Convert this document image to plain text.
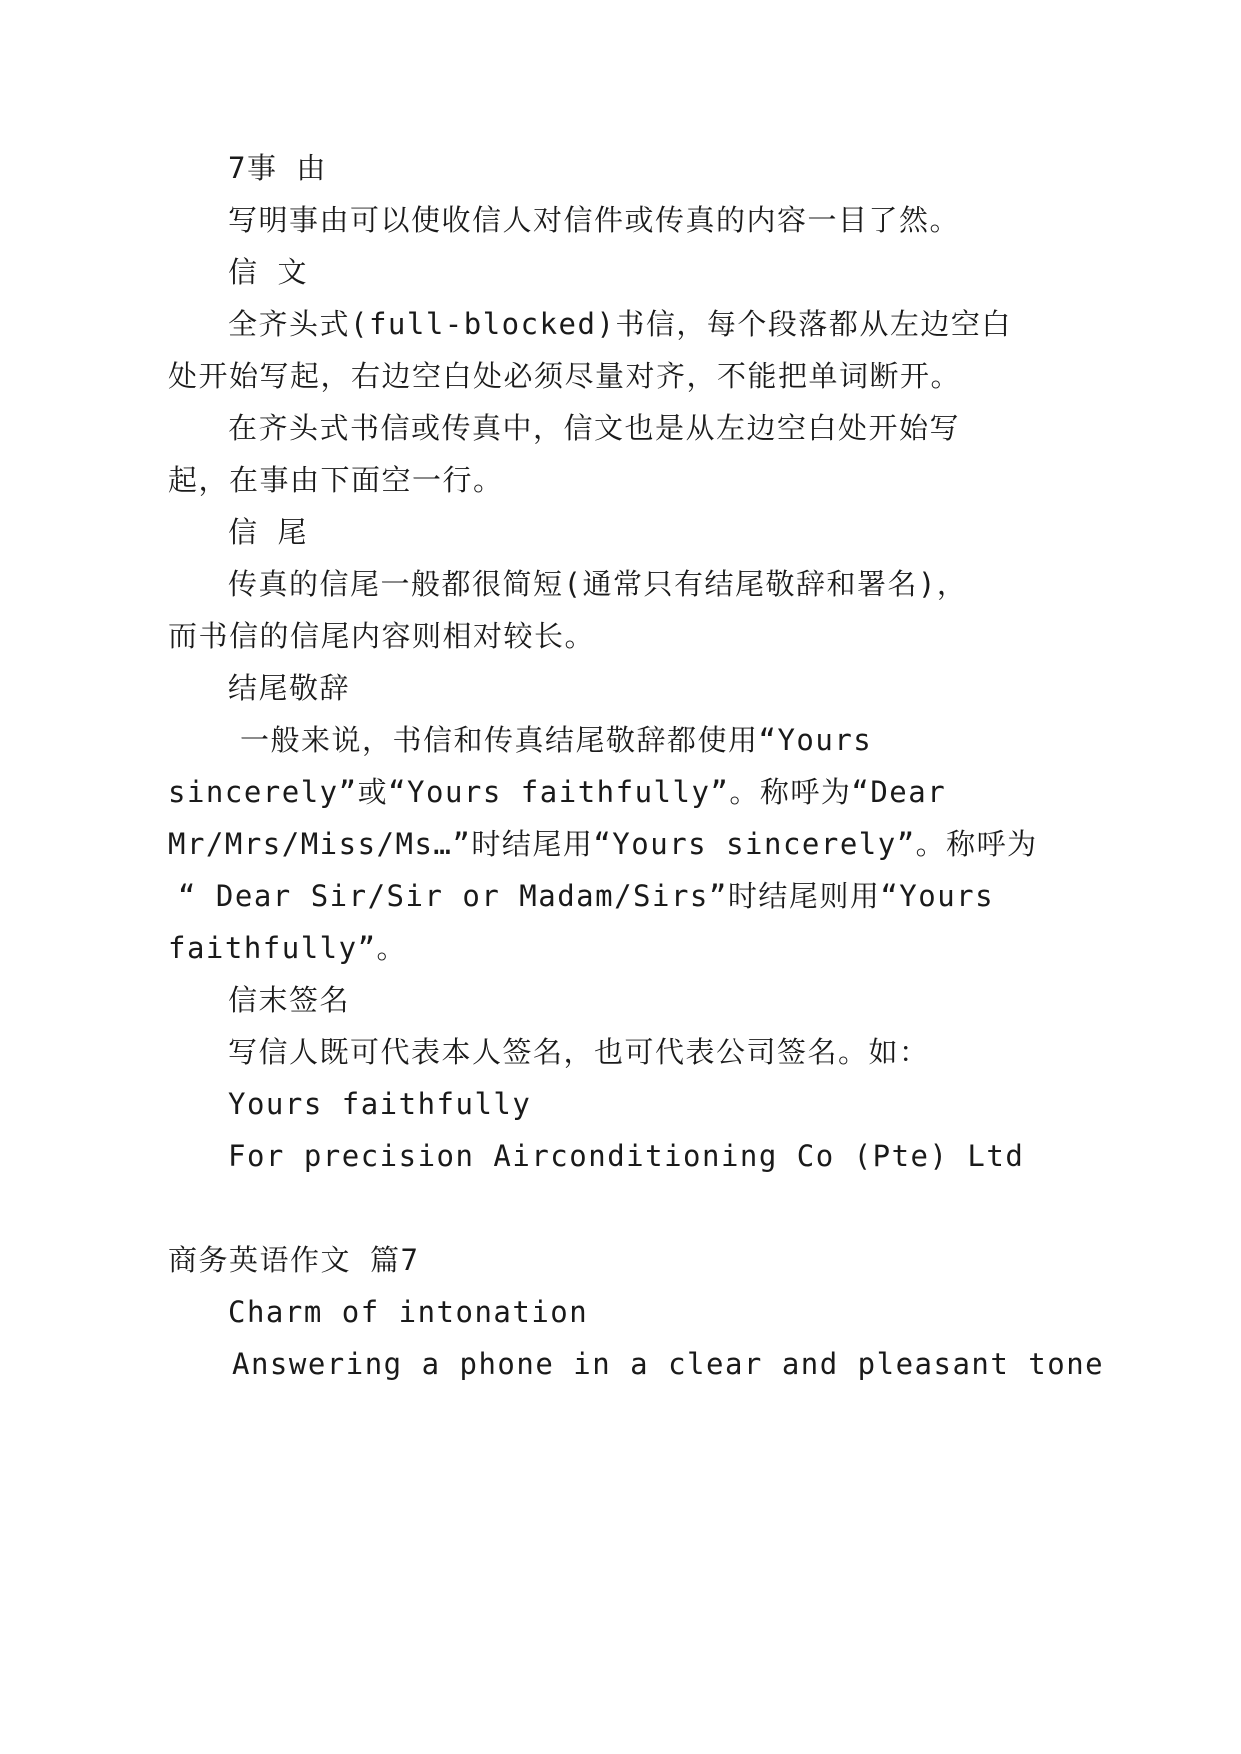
7事 由
写明事由可以使收信人对信件或传真的内容一目了然。
信 文
全齐头式(full-blocked)书信，每个段落都从左边空白
处开始写起，右边空白处必须尽量对齐，不能把单词断开。
在齐头式书信或传真中，信文也是从左边空白处开始写
起，在事由下面空一行。
信 尾
传真的信尾一般都很简短(通常只有结尾敬辞和署名)，
而书信的信尾内容则相对较长。
结尾敬辞
一般来说，书信和传真结尾敬辞都使用“Yours
sincerely”或“Yours faithfully”。称呼为“Dear
Mr/Mrs/Miss/Ms…”时结尾用“Yours sincerely”。称呼为
“ Dear Sir/Sir or Madam/Sirs”时结尾则用“Yours
faithfully”。
信末签名
写信人既可代表本人签名，也可代表公司签名。如：
Yours faithfully
For precision Airconditioning Co (Pte) Ltd
商务英语作文 篇7
Charm of intonation
Answering a phone in a clear and pleasant tone
